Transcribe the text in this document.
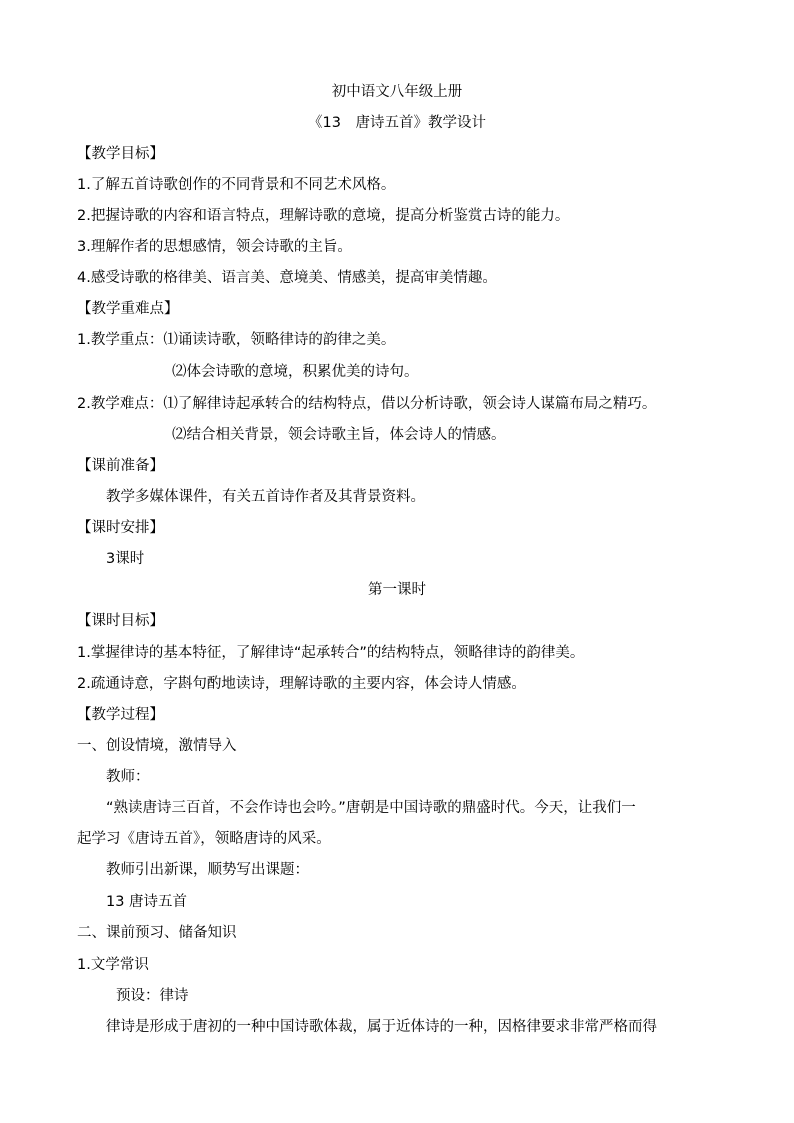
初中语文八年级上册
《13　唐诗五首》教学设计
【教学目标】
1.了解五首诗歌创作的不同背景和不同艺术风格。
2.把握诗歌的内容和语言特点，理解诗歌的意境，提高分析鉴赏古诗的能力。
3.理解作者的思想感情，领会诗歌的主旨。
4.感受诗歌的格律美、语言美、意境美、情感美，提高审美情趣。
【教学重难点】
1.教学重点：⑴诵读诗歌，领略律诗的韵律之美。
⑵体会诗歌的意境，积累优美的诗句。
2.教学难点：⑴了解律诗起承转合的结构特点，借以分析诗歌，领会诗人谋篇布局之精巧。
⑵结合相关背景，领会诗歌主旨，体会诗人的情感。
【课前准备】
教学多媒体课件，有关五首诗作者及其背景资料。
【课时安排】
3课时
第一课时
【课时目标】
1.掌握律诗的基本特征，了解律诗“起承转合”的结构特点，领略律诗的韵律美。
2.疏通诗意，字斟句酌地读诗，理解诗歌的主要内容，体会诗人情感。
【教学过程】
一、创设情境，激情导入
教师：
“熟读唐诗三百首，不会作诗也会吟。”唐朝是中国诗歌的鼎盛时代。今天，让我们一
起学习《唐诗五首》，领略唐诗的风采。
教师引出新课，顺势写出课题：
13 唐诗五首
二、课前预习、储备知识
1.文学常识
预设：律诗
律诗是形成于唐初的一种中国诗歌体裁，属于近体诗的一种，因格律要求非常严格而得
